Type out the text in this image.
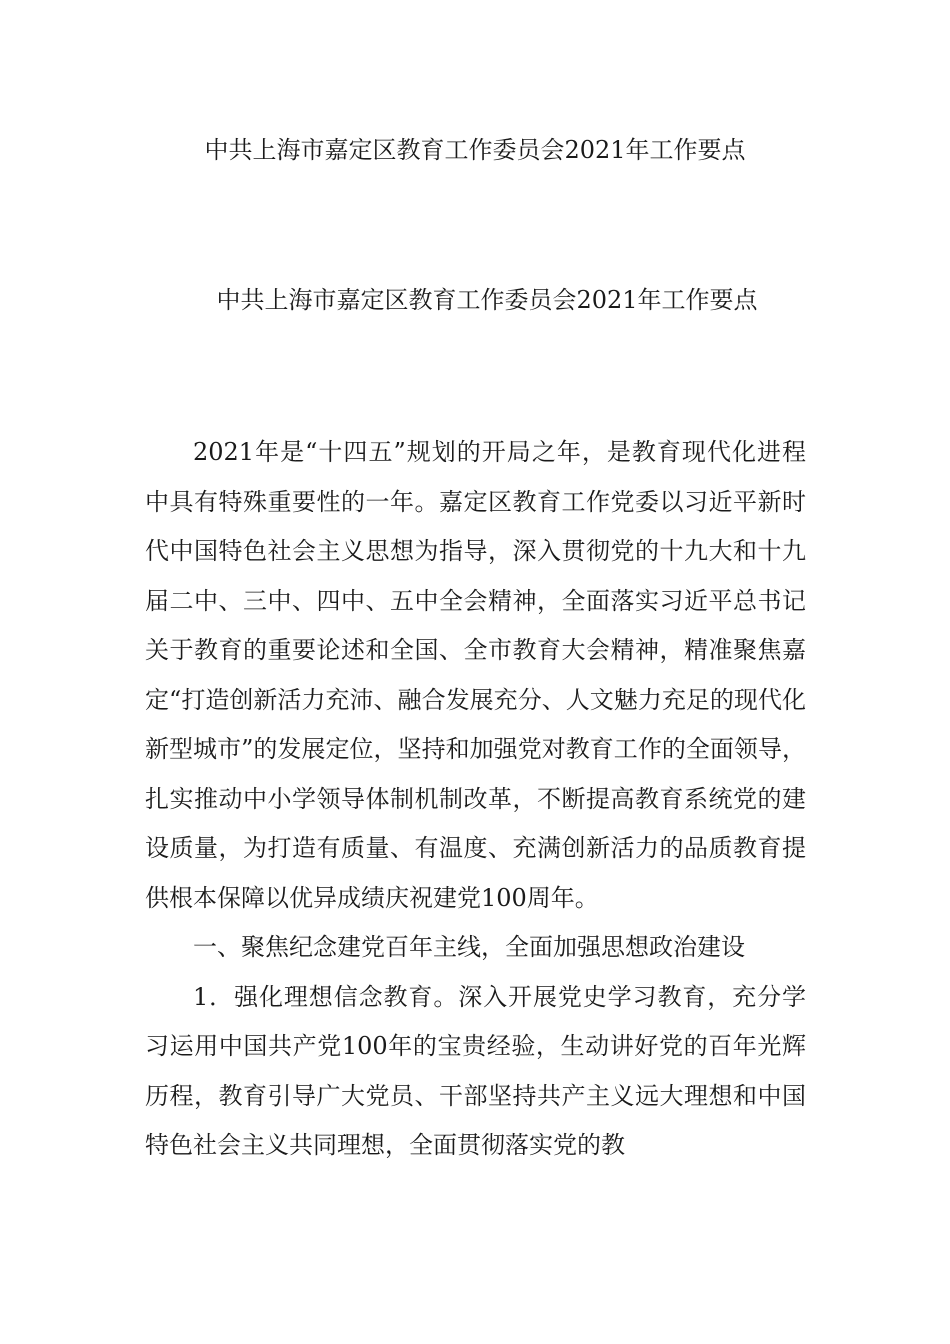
中共上海市嘉定区教育工作委员会2021年工作要点
中共上海市嘉定区教育工作委员会2021年工作要点

2021年是“十四五”规划的开局之年，是教育现代化进程中具有特殊重要性的一年。嘉定区教育工作党委以习近平新时代中国特色社会主义思想为指导，深入贯彻党的十九大和十九届二中、三中、四中、五中全会精神，全面落实习近平总书记关于教育的重要论述和全国、全市教育大会精神，精准聚焦嘉定“打造创新活力充沛、融合发展充分、人文魅力充足的现代化新型城市”的发展定位，坚持和加强党对教育工作的全面领导，扎实推动中小学领导体制机制改革，不断提高教育系统党的建设质量，为打造有质量、有温度、充满创新活力的品质教育提供根本保障以优异成绩庆祝建党100周年。

一、聚焦纪念建党百年主线，全面加强思想政治建设

1．强化理想信念教育。深入开展党史学习教育，充分学习运用中国共产党100年的宝贵经验，生动讲好党的百年光辉历程，教育引导广大党员、干部坚持共产主义远大理想和中国特色社会主义共同理想，全面贯彻落实党的教
